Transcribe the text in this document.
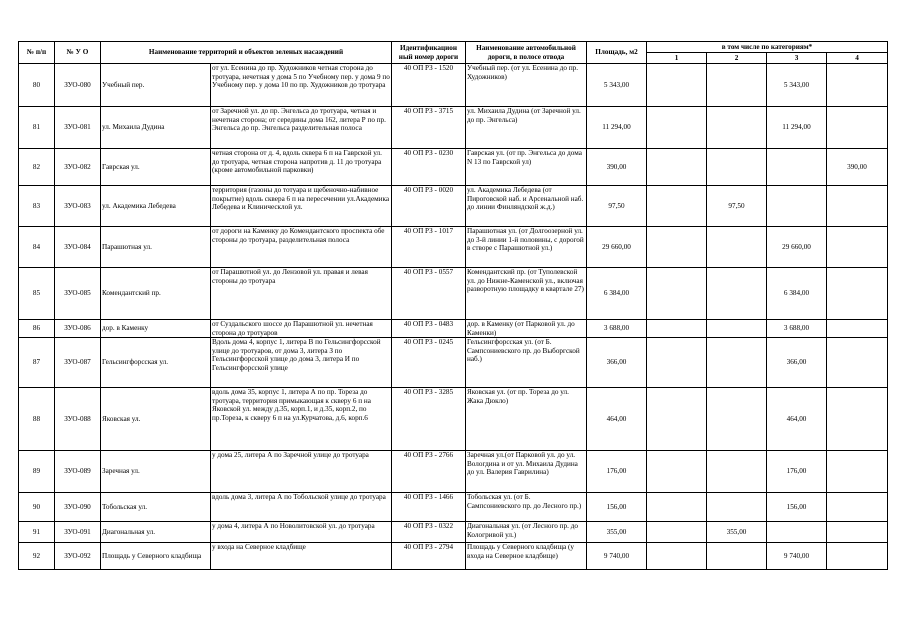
№ п/п	№ У О	Наименование территорий и объектов зеленых насаждений		Идентификацион ный номер дороги	Наименование автомобильной дороги, в полосе отвода	Площадь, м2	в том числе по категориям*			
							1	2	3	4
80	ЗУО-080	Учебный пер.	от ул. Есенина до пр. Художников четная сторона до тротуара, нечетная у дома 5 по Учебному пер. у дома 9 по Учебному пер. у дома 10 по пр. Художников до тротуара	40 ОП РЗ - 1520	Учебный пер. (от ул. Есенина до пр. Художников)	5 343,00			5 343,00	
81	ЗУО-081	ул. Михаила Дудина	от Заречной ул. до пр. Энгельса до тротуара, четная и нечетная сторона; от середины дома 162, литера Р по пр. Энгельса до пр. Энгельса разделительная полоса	40 ОП РЗ - 3715	ул. Михаила Дудина (от Заречной ул. до пр. Энгельса)	11 294,00			11 294,00	
82	ЗУО-082	Гаврская ул.	четная сторона от д. 4, вдоль сквера 6 п на Гаврской ул. до тротуара, четная сторона напротив д. 11 до тротуара (кроме автомобильной парковки)	40 ОП РЗ - 0230	Гаврская ул. (от пр. Энгельса до дома N 13 по Гаврской ул)	390,00				390,00
83	ЗУО-083	ул. Академика Лебедева	территория (газоны до тотуара и щебеночно-набивное покрытие) вдоль сквера 6 п на пересечении ул.Академика Лебедева и Клиническлой ул.	40 ОП РЗ - 0020	ул. Академика Лебедева (от Пироговской наб. и Арсенальной наб. до линии Финляндской ж.д.)	97,50		97,50		
84	ЗУО-084	Парашютная ул.	от дороги на Каменку до Комендантского проспекта обе стороны до тротуара, разделительная полоса	40 ОП РЗ - 1017	Парашютная ул. (от Долгоозерной ул. до 3-й линии 1-й половины, с дорогой в створе с Парашютной ул.)	29 660,00			29 660,00	
85	ЗУО-085	Комендантский пр.	от Парашютной ул. до Лензовой ул. правая и левая стороны до тротуара	40 ОП РЗ - 0557	Комендантский пр. (от Туполевской ул. до Нижне-Каменской ул., включая разворотную площадку в квартале 27)	6 384,00			6 384,00	
86	ЗУО-086	дор. в Каменку	от Суздальского шоссе до Парашютной ул. нечетная сторона до тротуаров	40 ОП РЗ - 0483	дор. в Каменку (от Парковой ул. до Каменки)	3 688,00			3 688,00	
87	ЗУО-087	Гельсингфорсская ул.	Вдоль дома 4, корпус 1, литера В по Гельсингфорсской улице до тротуаров, от дома 3, литера З по Гельсингфорсской улице до дома 3, литера И по Гельсингфорсской улице	40 ОП РЗ - 0245	Гельсингфорсская ул. (от Б. Сампсониевского пр. до Выборгской наб.)	366,00			366,00	
88	ЗУО-088	Яковская ул.	вдоль дома 35, корпус 1, литера А по пр. Тореза до тротуара, территория примыкающая к скверу 6 п на Яковской ул. между д.35, корп.1, и д.35, корп.2, по пр.Тореза, к скверу 6 п на ул.Курчатова, д.6, корп.6	40 ОП РЗ - 3285	Яковская ул. (от пр. Тореза до ул. Жака Дюкло)	464,00			464,00	
89	ЗУО-089	Заречная ул.	у дома 25, литера А по Заречной улице до тротуара	40 ОП РЗ - 2766	Заречная ул.(от Парковой ул. до ул. Вологдина и от ул. Михаила Дудина до ул. Валерия Гаврилина)	176,00			176,00	
90	ЗУО-090	Тобольская ул.	вдоль дома 3, литера А по Тобольской улице до тротуара	40 ОП РЗ - 1466	Тобольская ул. (от Б. Сампсониевского пр. до Лесного пр.)	156,00			156,00	
91	ЗУО-091	Диагональная ул.	у дома 4, литера А по Новолитовской ул. до тротуара	40 ОП РЗ - 0322	Диагональная ул. (от Лесного пр. до Кологривой ул.)	355,00		355,00		
92	ЗУО-092	Площадь у Северного кладбища	у входа на Северное кладбище	40 ОП РЗ - 2794	Площадь у Северного кладбища (у входа на Северное кладбище)	9 740,00			9 740,00	
